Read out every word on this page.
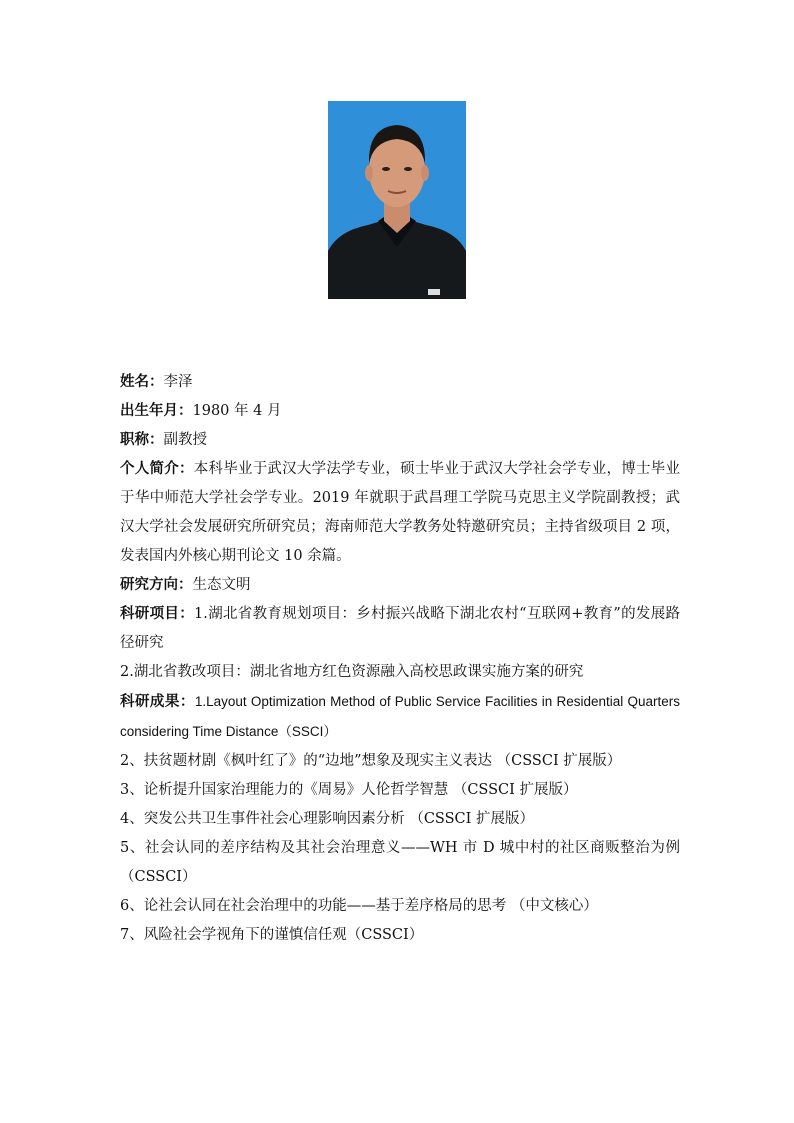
姓名：李泽
出生年月：1980 年 4 月
职称：副教授
个人简介：本科毕业于武汉大学法学专业，硕士毕业于武汉大学社会学专业，博士毕业于华中师范大学社会学专业。2019 年就职于武昌理工学院马克思主义学院副教授；武汉大学社会发展研究所研究员；海南师范大学教务处特邀研究员；主持省级项目 2 项，发表国内外核心期刊论文 10 余篇。
研究方向：生态文明
科研项目：1.湖北省教育规划项目：乡村振兴战略下湖北农村“互联网+教育”的发展路径研究
2.湖北省教改项目：湖北省地方红色资源融入高校思政课实施方案的研究
科研成果：1.Layout Optimization Method of Public Service Facilities in Residential Quarters considering Time Distance（SSCI）
2、扶贫题材剧《枫叶红了》的“边地”想象及现实主义表达 （CSSCI 扩展版）
3、论析提升国家治理能力的《周易》人伦哲学智慧 （CSSCI 扩展版）
4、突发公共卫生事件社会心理影响因素分析 （CSSCI 扩展版）
5、社会认同的差序结构及其社会治理意义——WH 市 D 城中村的社区商贩整治为例（CSSCI）
6、论社会认同在社会治理中的功能——基于差序格局的思考 （中文核心）
7、风险社会学视角下的谨慎信任观（CSSCI）
